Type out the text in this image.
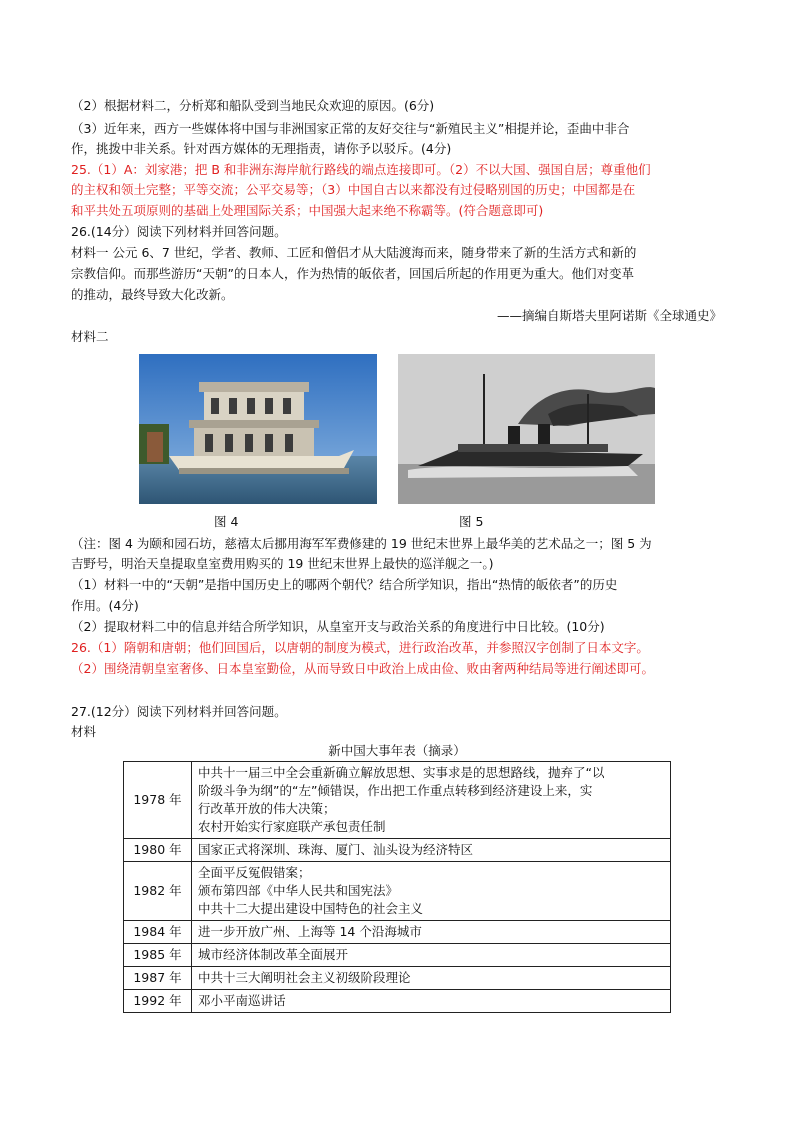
（2）根据材料二，分析郑和船队受到当地民众欢迎的原因。(6分)
（3）近年来，西方一些媒体将中国与非洲国家正常的友好交往与“新殖民主义”相提并论，歪曲中非合
作，挑拨中非关系。针对西方媒体的无理指责，请你予以驳斥。(4分)
25.（1）A：刘家港；把 B 和非洲东海岸航行路线的端点连接即可。（2）不以大国、强国自居；尊重他们
的主权和领土完整；平等交流；公平交易等；（3）中国自古以来都没有过侵略别国的历史；中国都是在
和平共处五项原则的基础上处理国际关系；中国强大起来绝不称霸等。(符合题意即可)
26.(14分）阅读下列材料并回答问题。
材料一 公元 6、7 世纪，学者、教师、工匠和僧侣才从大陆渡海而来，随身带来了新的生活方式和新的
宗教信仰。而那些游历“天朝”的日本人，作为热情的皈依者，回国后所起的作用更为重大。他们对变革
的推动，最终导致大化改新。
——摘编自斯塔夫里阿诺斯《全球通史》
材料二
图 4	图 5
（注：图 4 为颐和园石坊，慈禧太后挪用海军军费修建的 19 世纪末世界上最华美的艺术品之一；图 5 为
吉野号，明治天皇提取皇室费用购买的 19 世纪末世界上最快的巡洋舰之一。)
（1）材料一中的“天朝”是指中国历史上的哪两个朝代？结合所学知识，指出“热情的皈依者”的历史
作用。(4分)
（2）提取材料二中的信息并结合所学知识，从皇室开支与政治关系的角度进行中日比较。(10分)
26.（1）隋朝和唐朝；他们回国后，以唐朝的制度为模式，进行政治改革，并参照汉字创制了日本文字。
（2）围绕清朝皇室奢侈、日本皇室勤俭，从而导致日中政治上成由俭、败由奢两种结局等进行阐述即可。
27.(12分）阅读下列材料并回答问题。
材料
新中国大事年表（摘录）
1978 年	中共十一届三中全会重新确立解放思想、实事求是的思想路线，抛弃了“以
阶级斗争为纲”的“左”倾错误，作出把工作重点转移到经济建设上来，实
行改革开放的伟大决策；
农村开始实行家庭联产承包责任制

1980 年	国家正式将深圳、珠海、厦门、汕头设为经济特区

1982 年	全面平反冤假错案；
颁布第四部《中华人民共和国宪法》
中共十二大提出建设中国特色的社会主义

1984 年	进一步开放广州、上海等 14 个沿海城市

1985 年	城市经济体制改革全面展开

1987 年	中共十三大阐明社会主义初级阶段理论

1992 年	邓小平南巡讲话
